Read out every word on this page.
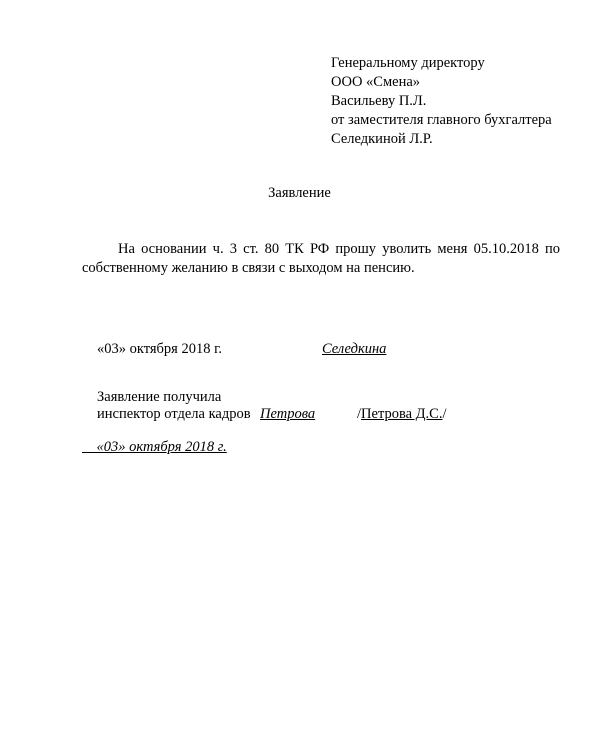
Генеральному директору
ООО «Смена»
Васильеву П.Л.
от заместителя главного бухгалтера
Селедкиной Л.Р.
Заявление
На основании ч. 3 ст. 80 ТК РФ прошу уволить меня 05.10.2018 по собственному желанию в связи с выходом на пенсию.
«03» октября 2018 г.	Селедкина
Заявление получила
инспектор отдела кадров Петрова	/Петрова Д.С./
«03» октября 2018 г.
